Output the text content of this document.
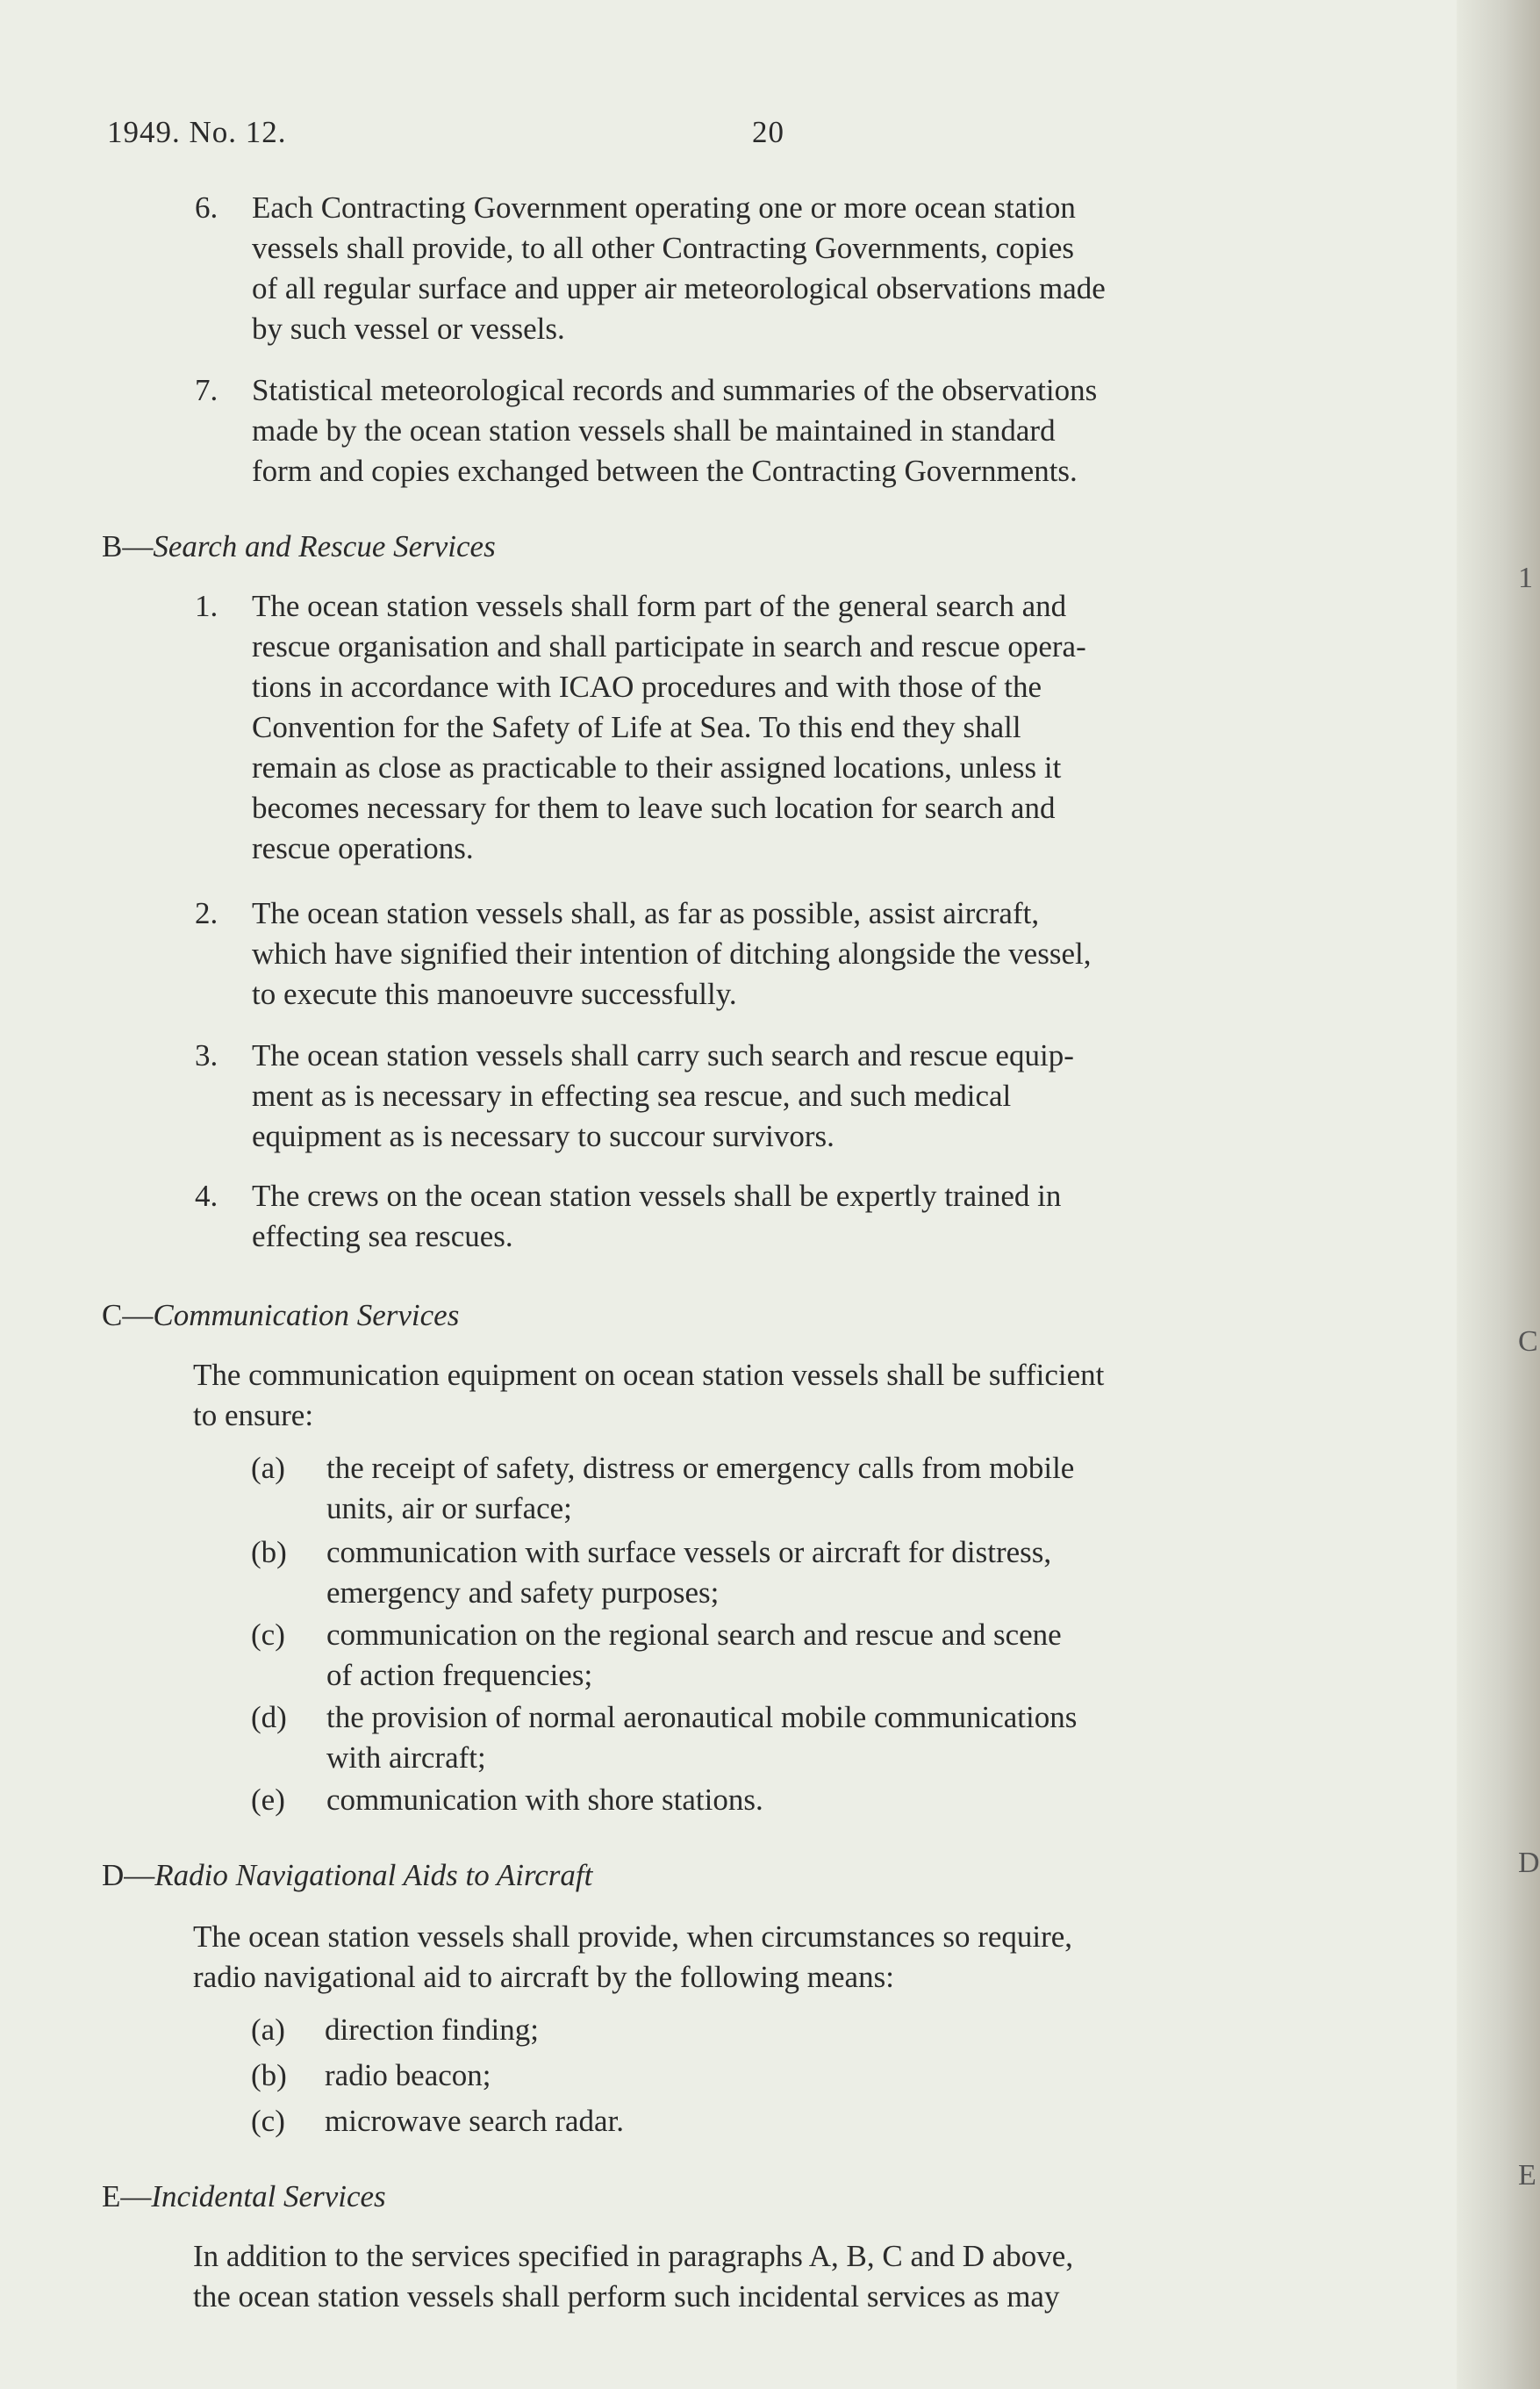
1949. No. 12.	20
6. Each Contracting Government operating one or more ocean station
vessels shall provide, to all other Contracting Governments, copies
of all regular surface and upper air meteorological observations made
by such vessel or vessels.
7. Statistical meteorological records and summaries of the observations
made by the ocean station vessels shall be maintained in standard
form and copies exchanged between the Contracting Governments.
B—Search and Rescue Services
1. The ocean station vessels shall form part of the general search and
rescue organisation and shall participate in search and rescue opera-
tions in accordance with ICAO procedures and with those of the
Convention for the Safety of Life at Sea. To this end they shall
remain as close as practicable to their assigned locations, unless it
becomes necessary for them to leave such location for search and
rescue operations.
2. The ocean station vessels shall, as far as possible, assist aircraft,
which have signified their intention of ditching alongside the vessel,
to execute this manoeuvre successfully.
3. The ocean station vessels shall carry such search and rescue equip-
ment as is necessary in effecting sea rescue, and such medical
equipment as is necessary to succour survivors.
4. The crews on the ocean station vessels shall be expertly trained in
effecting sea rescues.
C—Communication Services
The communication equipment on ocean station vessels shall be sufficient
to ensure:
(a) the receipt of safety, distress or emergency calls from mobile
units, air or surface;
(b) communication with surface vessels or aircraft for distress,
emergency and safety purposes;
(c) communication on the regional search and rescue and scene
of action frequencies;
(d) the provision of normal aeronautical mobile communications
with aircraft;
(e) communication with shore stations.
D—Radio Navigational Aids to Aircraft
The ocean station vessels shall provide, when circumstances so require,
radio navigational aid to aircraft by the following means:
(a) direction finding;
(b) radio beacon;
(c) microwave search radar.
E—Incidental Services
In addition to the services specified in paragraphs A, B, C and D above,
the ocean station vessels shall perform such incidental services as may
1
C
D
E
